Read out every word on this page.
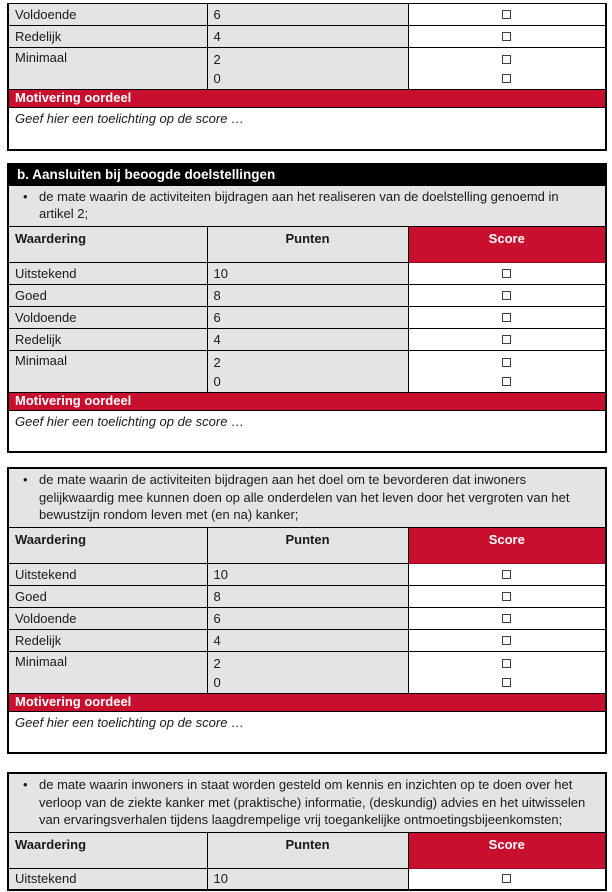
Voldoende	6	
Redelijk	4	
Minimaal	2
0	

Motivering oordeel		
Geef hier een toelichting op de score …		
b. Aansluiten bij beoogde doelstellingen		

• de mate waarin de activiteiten bijdragen aan het realiseren van de doelstelling genoemd in artikel 2;

Waardering	Punten	Score
Uitstekend	10	
Goed	8	
Voldoende	6	
Redelijk	4	
Minimaal	2
0	

Motivering oordeel		
Geef hier een toelichting op de score …		
• de mate waarin de activiteiten bijdragen aan het doel om te bevorderen dat inwoners gelijkwaardig mee kunnen doen op alle onderdelen van het leven door het vergroten van het bewustzijn rondom leven met (en na) kanker;

Waardering	Punten	Score
Uitstekend	10	
Goed	8	
Voldoende	6	
Redelijk	4	
Minimaal	2
0	

Motivering oordeel		
Geef hier een toelichting op de score …		
• de mate waarin inwoners in staat worden gesteld om kennis en inzichten op te doen over het verloop van de ziekte kanker met (praktische) informatie, (deskundig) advies en het uitwisselen van ervaringsverhalen tijdens laagdrempelige vrij toegankelijke ontmoetingsbijeenkomsten;

Waardering	Punten	Score
Uitstekend	10	
